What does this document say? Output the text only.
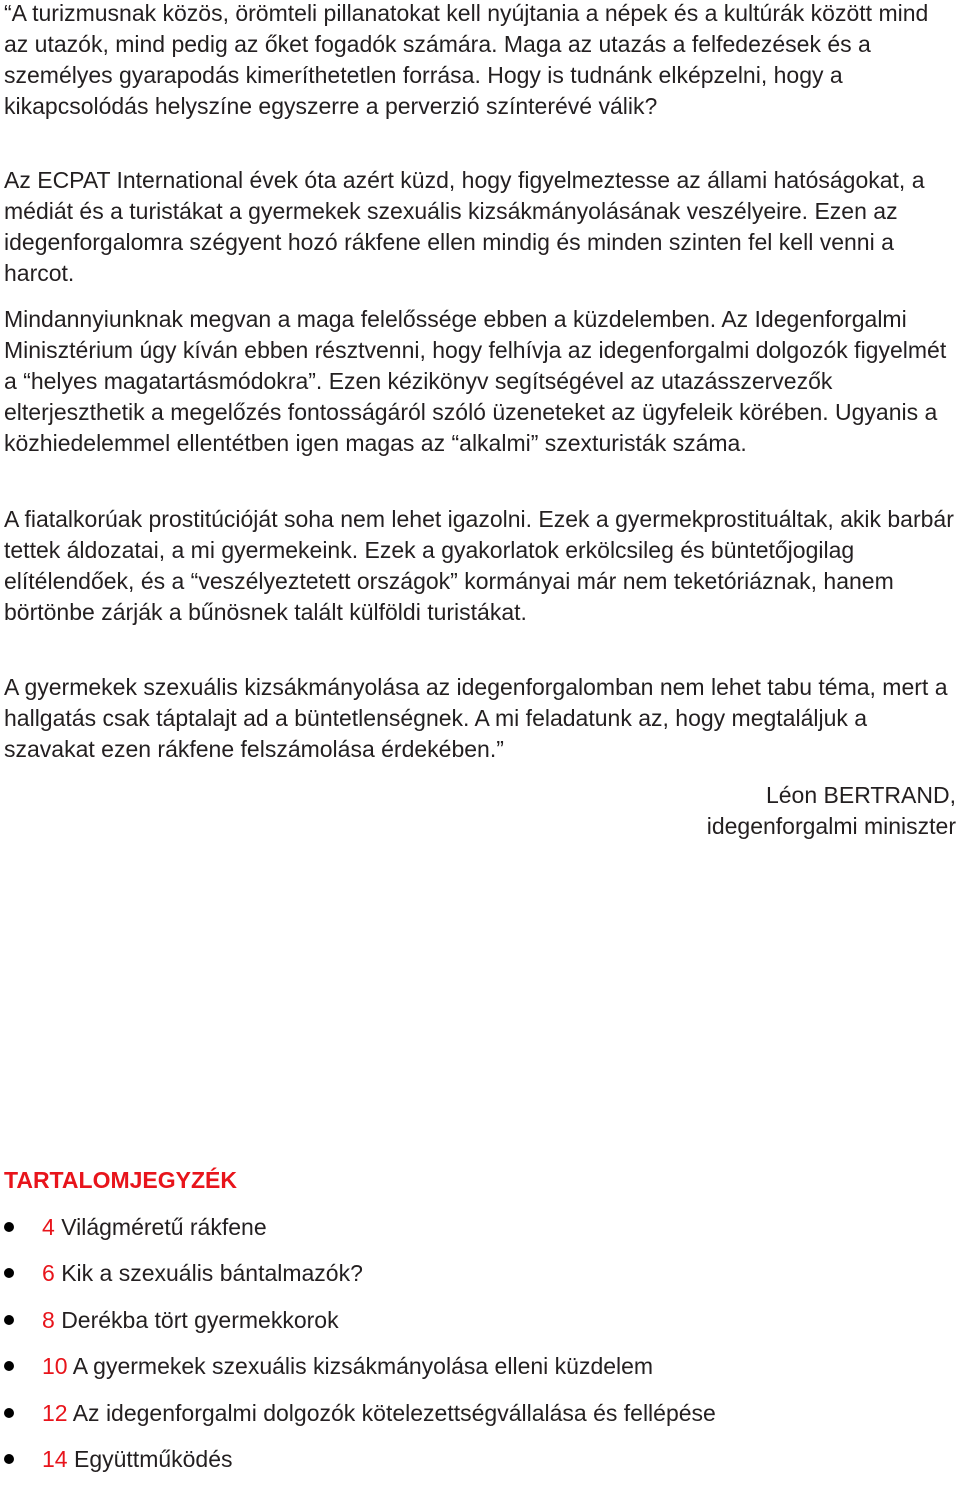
“A turizmusnak közös, örömteli pillanatokat kell nyújtania a népek és a kultúrák között mind az utazók, mind pedig az őket fogadók számára. Maga az utazás a felfedezések és a személyes gyarapodás kimeríthetetlen forrása. Hogy is tudnánk elképzelni, hogy a kikapcsolódás helyszíne egyszerre a perverzió színterévé válik?

Az ECPAT International évek óta azért küzd, hogy figyelmeztesse az állami hatóságokat, a médiát és a turistákat a gyermekek szexuális kizsákmányolásának veszélyeire. Ezen az idegenforgalomra szégyent hozó rákfene ellen mindig és minden szinten fel kell venni a harcot.

Mindannyiunknak megvan a maga felelőssége ebben a küzdelemben. Az Idegenforgalmi Minisztérium úgy kíván ebben résztvenni, hogy felhívja az idegenforgalmi dolgozók figyelmét a “helyes magatartásmódokra”. Ezen kézikönyv segítségével az utazásszervezők elterjeszthetik a megelőzés fontosságáról szóló üzeneteket az ügyfeleik körében. Ugyanis a közhiedelemmel ellentétben igen magas az “alkalmi” szexturisták száma.

A fiatalkorúak prostitúcióját soha nem lehet igazolni. Ezek a gyermekprostituáltak, akik barbár tettek áldozatai, a mi gyermekeink. Ezek a gyakorlatok erkölcsileg és büntetőjogilag elítélendőek, és a “veszélyeztetett országok” kormányai már nem teketóriáznak, hanem börtönbe zárják a bűnösnek talált külföldi turistákat.

A gyermekek szexuális kizsákmányolása az idegenforgalomban nem lehet tabu téma, mert a hallgatás csak táptalajt ad a büntetlenségnek. A mi feladatunk az, hogy megtaláljuk a szavakat ezen rákfene felszámolása érdekében.”

Léon BERTRAND,
idegenforgalmi miniszter
TARTALOMJEGYZÉK
4 Világméretű rákfene
6 Kik a szexuális bántalmazók?
8 Derékba tört gyermekkorok
10 A gyermekek szexuális kizsákmányolása elleni küzdelem
12 Az idegenforgalmi dolgozók kötelezettségvállalása és fellépése
14 Együttműködés
